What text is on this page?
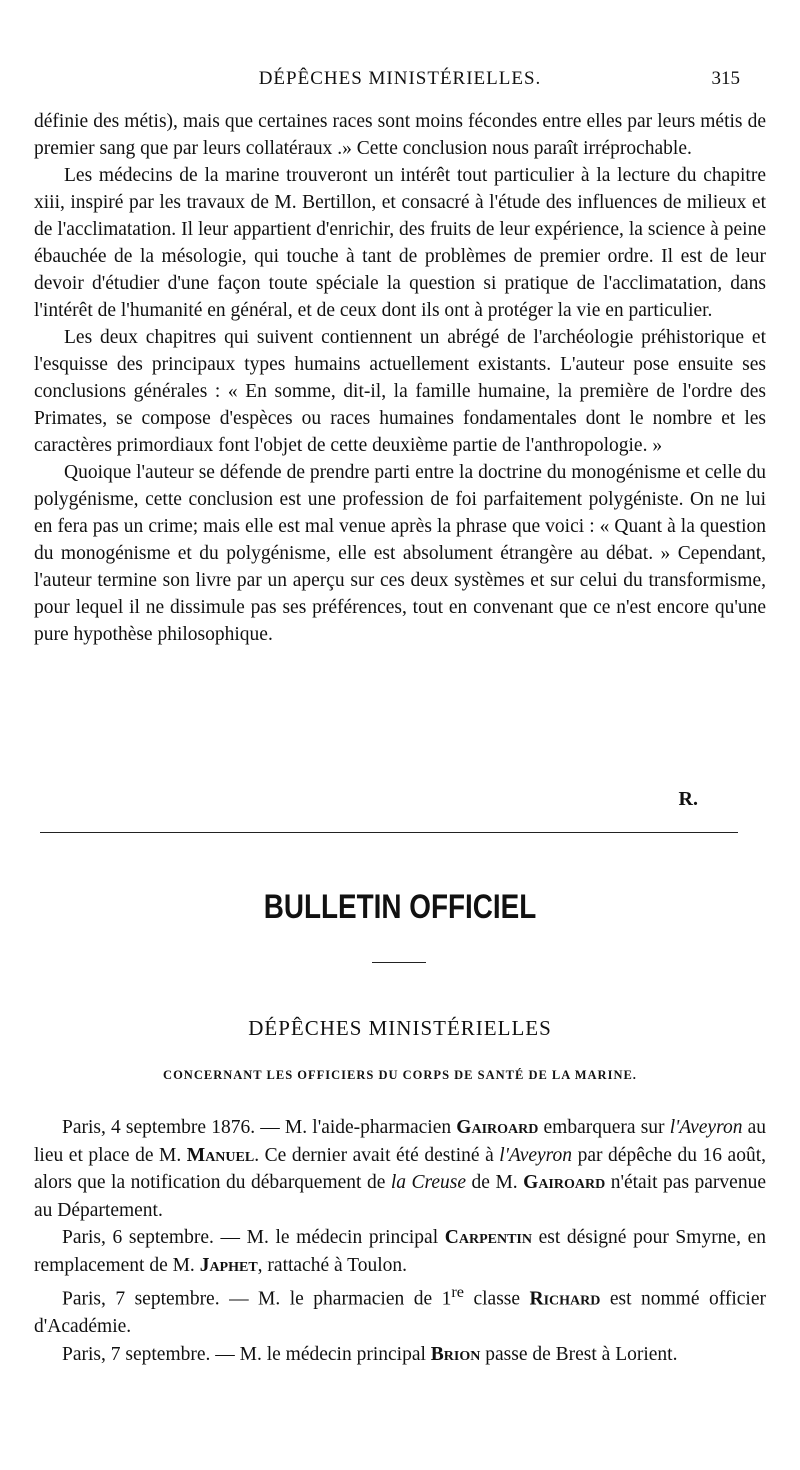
DÉPÊCHES MINISTÉRIELLES.	315

définie des métis), mais que certaines races sont moins fécondes entre elles par leurs métis de premier sang que par leurs collatéraux .» Cette conclusion nous paraît irréprochable.

Les médecins de la marine trouveront un intérêt tout particulier à la lecture du chapitre xiii, inspiré par les travaux de M. Bertillon, et consacré à l'étude des influences de milieux et de l'acclimatation. Il leur appartient d'enrichir, des fruits de leur expérience, la science à peine ébauchée de la mésologie, qui touche à tant de problèmes de premier ordre. Il est de leur devoir d'étudier d'une façon toute spéciale la question si pratique de l'acclimatation, dans l'intérêt de l'humanité en général, et de ceux dont ils ont à protéger la vie en particulier.

Les deux chapitres qui suivent contiennent un abrégé de l'archéologie préhistorique et l'esquisse des principaux types humains actuellement existants. L'auteur pose ensuite ses conclusions générales : « En somme, dit-il, la famille humaine, la première de l'ordre des Primates, se compose d'espèces ou races humaines fondamentales dont le nombre et les caractères primordiaux font l'objet de cette deuxième partie de l'anthropologie. »

Quoique l'auteur se défende de prendre parti entre la doctrine du monogénisme et celle du polygénisme, cette conclusion est une profession de foi parfaitement polygéniste. On ne lui en fera pas un crime; mais elle est mal venue après la phrase que voici : « Quant à la question du monogénisme et du polygénisme, elle est absolument étrangère au débat. » Cependant, l'auteur termine son livre par un aperçu sur ces deux systèmes et sur celui du transformisme, pour lequel il ne dissimule pas ses préférences, tout en convenant que ce n'est encore qu'une pure hypothèse philosophique.

R.
BULLETIN OFFICIEL
DÉPÊCHES MINISTÉRIELLES
CONCERNANT LES OFFICIERS DU CORPS DE SANTÉ DE LA MARINE.

Paris, 4 septembre 1876. — M. l'aide-pharmacien Gairoard embarquera sur l'Aveyron au lieu et place de M. Manuel. Ce dernier avait été destiné à l'Aveyron par dépêche du 16 août, alors que la notification du débarquement de la Creuse de M. Gairoard n'était pas parvenue au Département.

Paris, 6 septembre. — M. le médecin principal Carpentin est désigné pour Smyrne, en remplacement de M. Japhet, rattaché à Toulon.

Paris, 7 septembre. — M. le pharmacien de 1re classe Richard est nommé officier d'Académie.

Paris, 7 septembre. — M. le médecin principal Brion passe de Brest à Lorient.
